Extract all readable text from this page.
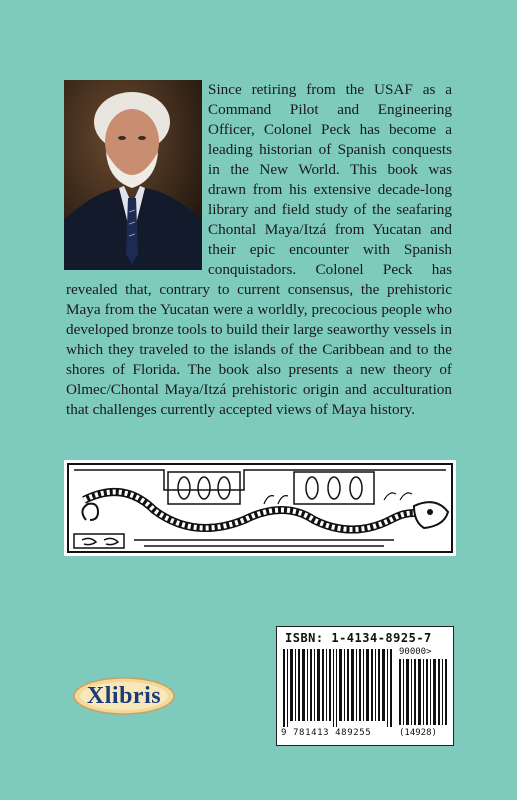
Since retiring from the USAF as a Command Pilot and Engineering Officer, Colonel Peck has become a leading historian of Spanish conquests in the New World. This book was drawn from his extensive decade-long library and field study of the seafaring Chontal Maya/Itzá from Yucatan and their epic encounter with Spanish conquistadors. Colonel Peck has revealed that, contrary to current consensus, the prehistoric Maya from the Yucatan were a worldly, precocious people who developed bronze tools to build their large seaworthy vessels in which they traveled to the islands of the Caribbean and to the shores of Florida. The book also presents a new theory of Olmec/Chontal Maya/Itzá prehistoric origin and acculturation that challenges currently accepted views of Maya history.

ISBN: 1-4134-8925-7
90000>
9 781413 489255	(14928)
Xlibris
